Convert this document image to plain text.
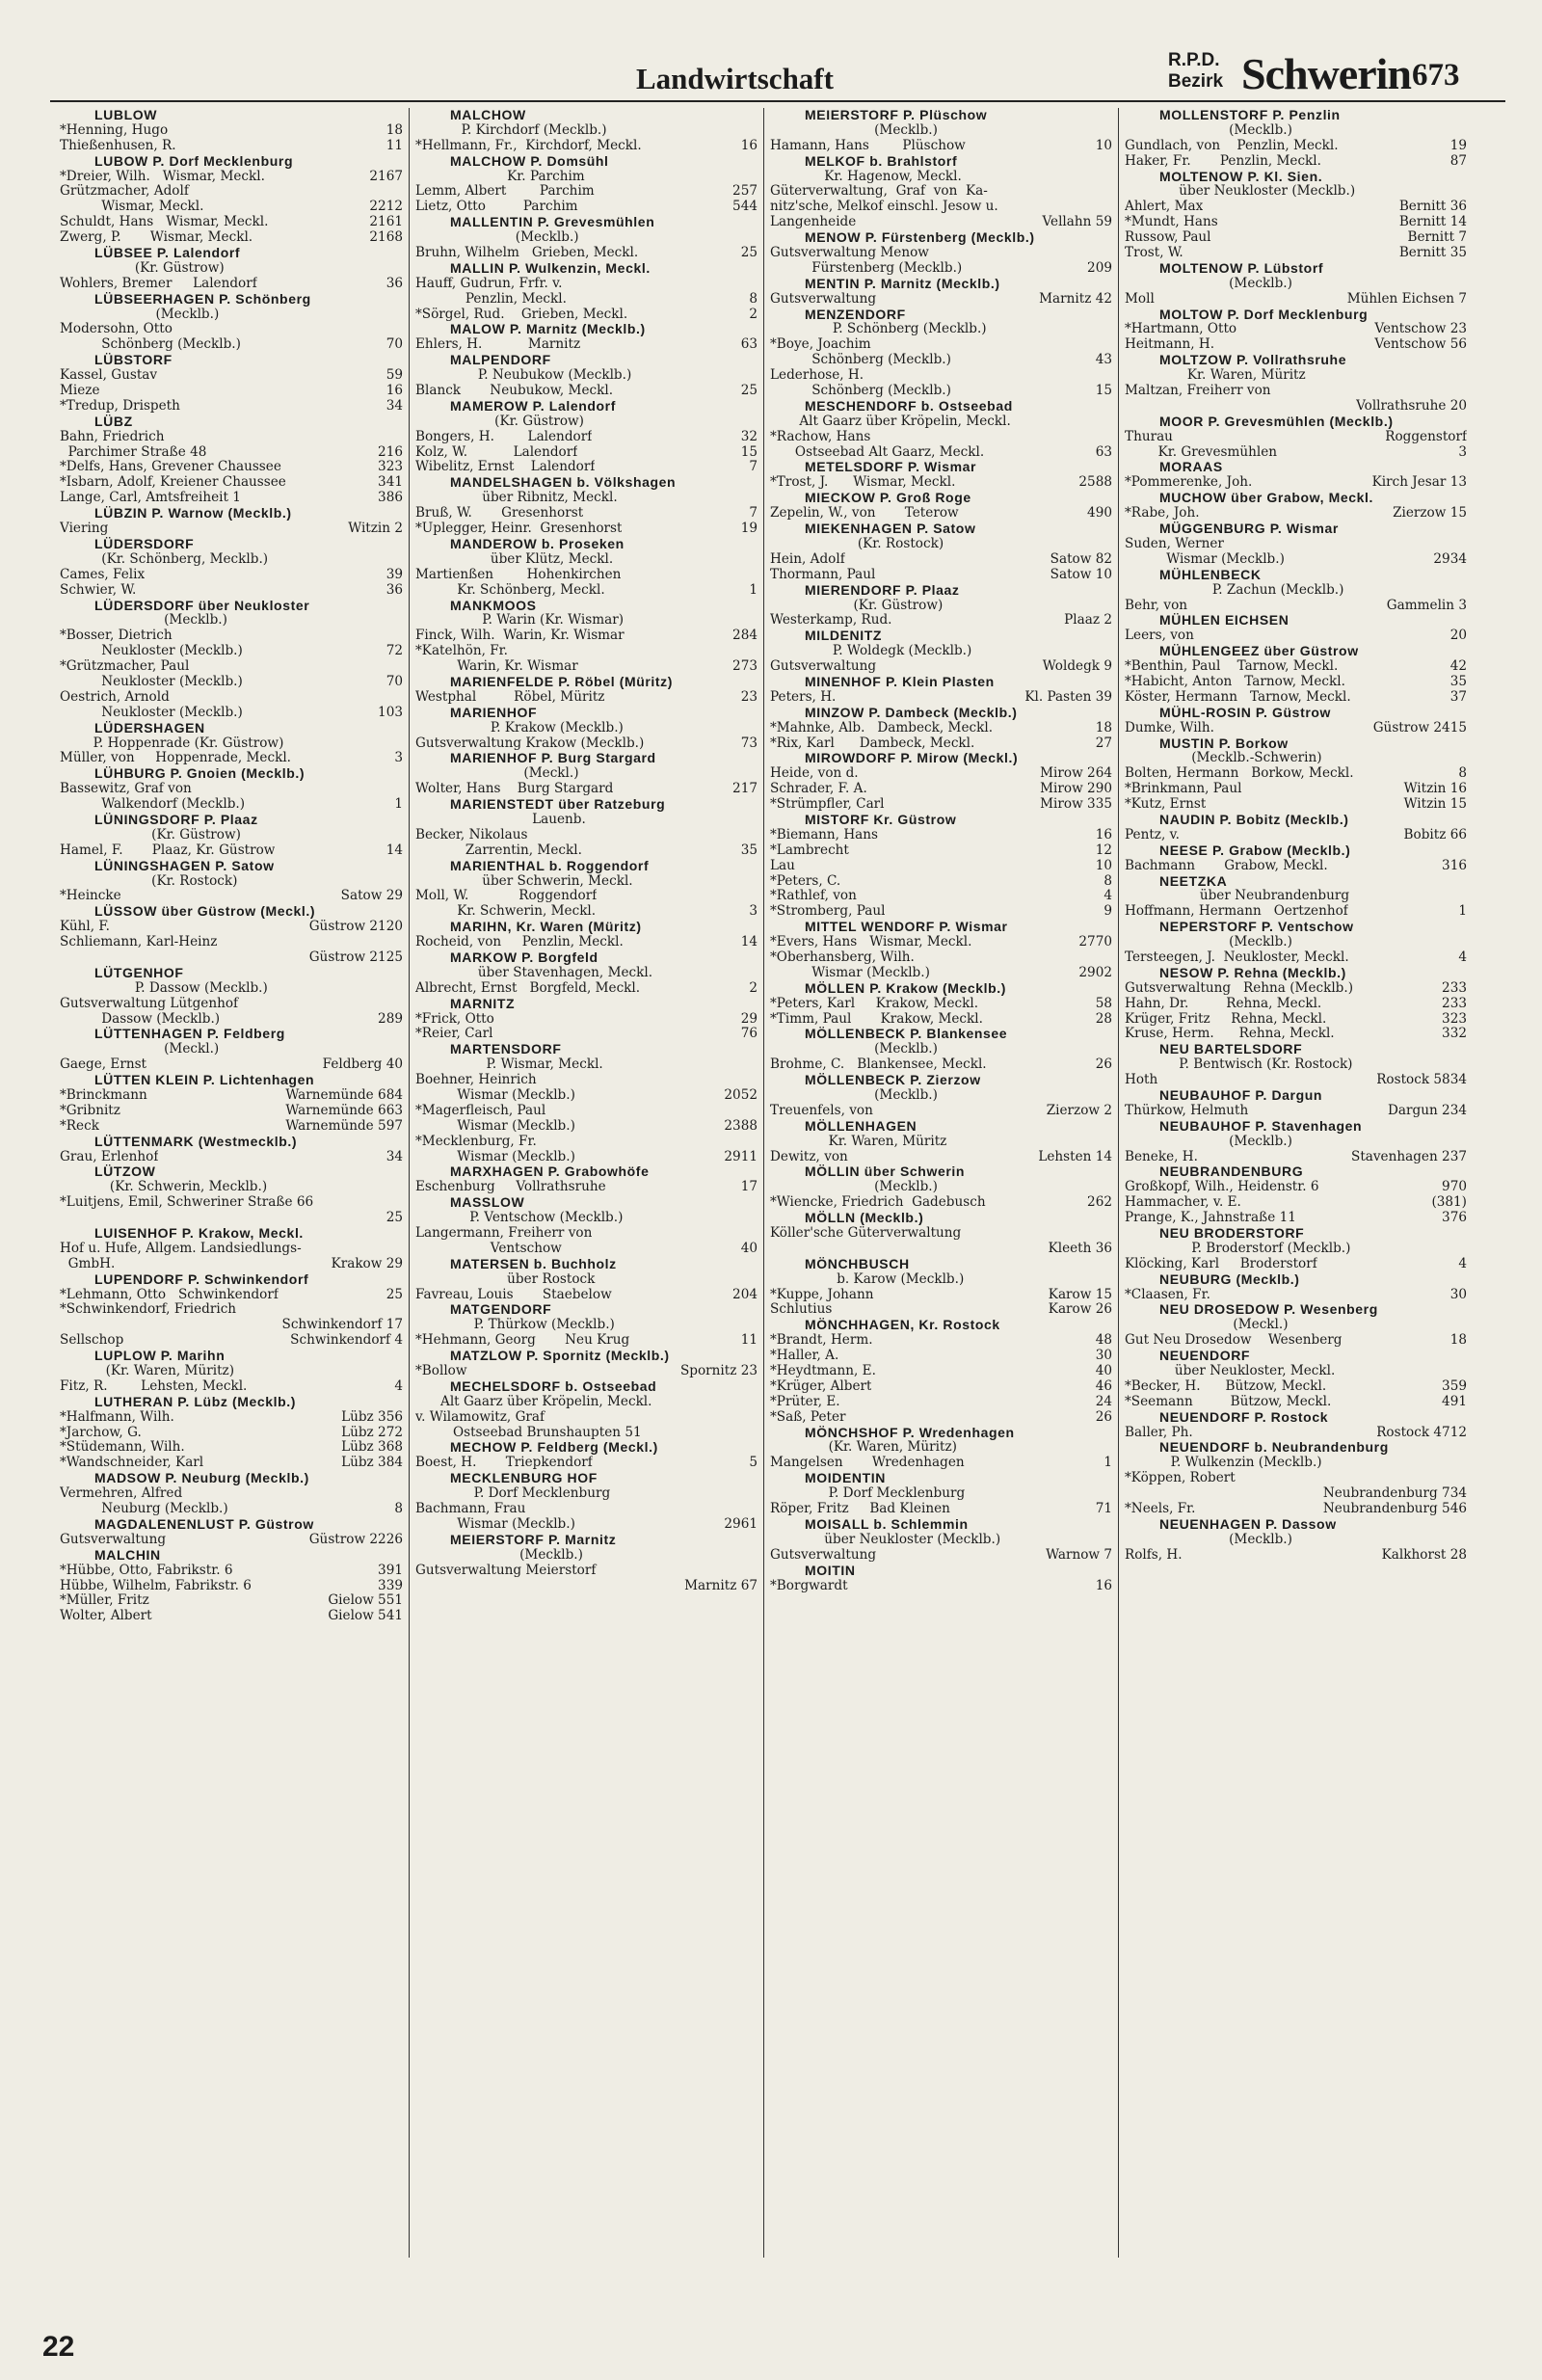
Landwirtschaft
R.P.D.
Bezirk Schwerin 673
LUBLOW
*Henning, Hugo	18
Thießenhusen, R.	11
LUBOW P. Dorf Mecklenburg
*Dreier, Wilh.   Wismar, Meckl.	2167
Grützmacher, Adolf
Wismar, Meckl.	2212
Schuldt, Hans   Wismar, Meckl.	2161
Zwerg, P.       Wismar, Meckl.	2168
LÜBSEE P. Lalendorf
(Kr. Güstrow)
Wohlers, Bremer     Lalendorf	36
LÜBSEERHAGEN P. Schönberg
(Mecklb.)
Modersohn, Otto
Schönberg (Mecklb.)	70
LÜBSTORF
Kassel, Gustav	59
Mieze	16
*Tredup, Drispeth	34
LÜBZ
Bahn, Friedrich
Parchimer Straße 48	216
*Delfs, Hans, Grevener Chaussee	323
*Isbarn, Adolf, Kreiener Chaussee	341
Lange, Carl, Amtsfreiheit 1	386
LÜBZIN P. Warnow (Mecklb.)
Viering	Witzin 2
LÜDERSDORF
(Kr. Schönberg, Mecklb.)
Cames, Felix	39
Schwier, W.	36
LÜDERSDORF über Neukloster
(Mecklb.)
*Bosser, Dietrich
Neukloster (Mecklb.)	72
*Grützmacher, Paul
Neukloster (Mecklb.)	70
Oestrich, Arnold
Neukloster (Mecklb.)	103
LÜDERSHAGEN
P. Hoppenrade (Kr. Güstrow)
Müller, von     Hoppenrade, Meckl.	3
LÜHBURG P. Gnoien (Mecklb.)
Bassewitz, Graf von
Walkendorf (Mecklb.)	1
LÜNINGSDORF P. Plaaz
(Kr. Güstrow)
Hamel, F.       Plaaz, Kr. Güstrow	14
LÜNINGSHAGEN P. Satow
(Kr. Rostock)
*Heincke	Satow 29
LÜSSOW über Güstrow (Meckl.)
Kühl, F.	Güstrow 2120
Schliemann, Karl-Heinz
Güstrow 2125
LÜTGENHOF
P. Dassow (Mecklb.)
Gutsverwaltung Lütgenhof
Dassow (Mecklb.)	289
LÜTTENHAGEN P. Feldberg
(Meckl.)
Gaege, Ernst	Feldberg 40
LÜTTEN KLEIN P. Lichtenhagen
*Brinckmann	Warnemünde 684
*Gribnitz	Warnemünde 663
*Reck	Warnemünde 597
LÜTTENMARK (Westmecklb.)
Grau, Erlenhof	34
LÜTZOW
(Kr. Schwerin, Mecklb.)
*Luitjens, Emil, Schweriner Straße 66
25
LUISENHOF P. Krakow, Meckl.
Hof u. Hufe, Allgem. Landsiedlungs-
GmbH.	Krakow 29
LUPENDORF P. Schwinkendorf
*Lehmann, Otto   Schwinkendorf	25
*Schwinkendorf, Friedrich
Schwinkendorf 17
Sellschop	Schwinkendorf 4
LUPLOW P. Marihn
(Kr. Waren, Müritz)
Fitz, R.        Lehsten, Meckl.	4
LUTHERAN P. Lübz (Mecklb.)
*Halfmann, Wilh.	Lübz 356
*Jarchow, G.	Lübz 272
*Stüdemann, Wilh.	Lübz 368
*Wandschneider, Karl	Lübz 384
MADSOW P. Neuburg (Mecklb.)
Vermehren, Alfred
Neuburg (Mecklb.)	8
MAGDALENENLUST P. Güstrow
Gutsverwaltung	Güstrow 2226
MALCHIN
*Hübbe, Otto, Fabrikstr. 6	391
Hübbe, Wilhelm, Fabrikstr. 6	339
*Müller, Fritz	Gielow 551
Wolter, Albert	Gielow 541
MALCHOW
P. Kirchdorf (Mecklb.)
*Hellmann, Fr.,  Kirchdorf, Meckl.	16
MALCHOW P. Domsühl
Kr. Parchim
Lemm, Albert        Parchim	257
Lietz, Otto         Parchim	544
MALLENTIN P. Grevesmühlen
(Mecklb.)
Bruhn, Wilhelm   Grieben, Meckl.	25
MALLIN P. Wulkenzin, Meckl.
Hauff, Gudrun, Frfr. v.
Penzlin, Meckl.	8
*Sörgel, Rud.    Grieben, Meckl.	2
MALOW P. Marnitz (Mecklb.)
Ehlers, H.           Marnitz	63
MALPENDORF
P. Neubukow (Mecklb.)
Blanck       Neubukow, Meckl.	25
MAMEROW P. Lalendorf
(Kr. Güstrow)
Bongers, H.        Lalendorf	32
Kolz, W.           Lalendorf	15
Wibelitz, Ernst    Lalendorf	7
MANDELSHAGEN b. Völkshagen
über Ribnitz, Meckl.
Bruß, W.       Gresenhorst	7
*Uplegger, Heinr.  Gresenhorst	19
MANDEROW b. Proseken
über Klütz, Meckl.
Martienßen        Hohenkirchen
Kr. Schönberg, Meckl.	1
MANKMOOS
P. Warin (Kr. Wismar)
Finck, Wilh.  Warin, Kr. Wismar	284
*Katelhön, Fr.
Warin, Kr. Wismar	273
MARIENFELDE P. Röbel (Müritz)
Westphal         Röbel, Müritz	23
MARIENHOF
P. Krakow (Mecklb.)
Gutsverwaltung Krakow (Mecklb.)	73
MARIENHOF P. Burg Stargard
(Meckl.)
Wolter, Hans    Burg Stargard	217
MARIENSTEDT über Ratzeburg
Lauenb.
Becker, Nikolaus
Zarrentin, Meckl.	35
MARIENTHAL b. Roggendorf
über Schwerin, Meckl.
Moll, W.            Roggendorf
Kr. Schwerin, Meckl.	3
MARIHN, Kr. Waren (Müritz)
Rocheid, von     Penzlin, Meckl.	14
MARKOW P. Borgfeld
über Stavenhagen, Meckl.
Albrecht, Ernst   Borgfeld, Meckl.	2
MARNITZ
*Frick, Otto	29
*Reier, Carl	76
MARTENSDORF
P. Wismar, Meckl.
Boehner, Heinrich
Wismar (Mecklb.)	2052
*Magerfleisch, Paul
Wismar (Mecklb.)	2388
*Mecklenburg, Fr.
Wismar (Mecklb.)	2911
MARXHAGEN P. Grabowhöfe
Eschenburg     Vollrathsruhe	17
MASSLOW
P. Ventschow (Mecklb.)
Langermann, Freiherr von
Ventschow	40
MATERSEN b. Buchholz
über Rostock
Favreau, Louis       Staebelow	204
MATGENDORF
P. Thürkow (Mecklb.)
*Hehmann, Georg       Neu Krug	11
MATZLOW P. Spornitz (Mecklb.)
*Bollow	Spornitz 23
MECHELSDORF b. Ostseebad
Alt Gaarz über Kröpelin, Meckl.
v. Wilamowitz, Graf
Ostseebad Brunshaupten 51
MECHOW P. Feldberg (Meckl.)
Boest, H.       Triepkendorf	5
MECKLENBURG HOF
P. Dorf Mecklenburg
Bachmann, Frau
Wismar (Mecklb.)	2961
MEIERSTORF P. Marnitz
(Mecklb.)
Gutsverwaltung Meierstorf
Marnitz 67
MEIERSTORF P. Plüschow
(Mecklb.)
Hamann, Hans        Plüschow	10
MELKOF b. Brahlstorf
Kr. Hagenow, Meckl.
Güterverwaltung,  Graf  von  Ka-
nitz'sche, Melkof einschl. Jesow u.
Langenheide	Vellahn 59
MENOW P. Fürstenberg (Mecklb.)
Gutsverwaltung Menow
Fürstenberg (Mecklb.)	209
MENTIN P. Marnitz (Mecklb.)
Gutsverwaltung	Marnitz 42
MENZENDORF
P. Schönberg (Mecklb.)
*Boye, Joachim
Schönberg (Mecklb.)	43
Lederhose, H.
Schönberg (Mecklb.)	15
MESCHENDORF b. Ostseebad
Alt Gaarz über Kröpelin, Meckl.
*Rachow, Hans
Ostseebad Alt Gaarz, Meckl.	63
METELSDORF P. Wismar
*Trost, J.      Wismar, Meckl.	2588
MIECKOW P. Groß Roge
Zepelin, W., von       Teterow	490
MIEKENHAGEN P. Satow
(Kr. Rostock)
Hein, Adolf	Satow 82
Thormann, Paul	Satow 10
MIERENDORF P. Plaaz
(Kr. Güstrow)
Westerkamp, Rud.	Plaaz 2
MILDENITZ
P. Woldegk (Mecklb.)
Gutsverwaltung	Woldegk 9
MINENHOF P. Klein Plasten
Peters, H.	Kl. Pasten 39
MINZOW P. Dambeck (Mecklb.)
*Mahnke, Alb.   Dambeck, Meckl.	18
*Rix, Karl      Dambeck, Meckl.	27
MIROWDORF P. Mirow (Meckl.)
Heide, von d.	Mirow 264
Schrader, F. A.	Mirow 290
*Strümpfler, Carl	Mirow 335
MISTORF Kr. Güstrow
*Biemann, Hans	16
*Lambrecht	12
Lau	10
*Peters, C.	8
*Rathlef, von	4
*Stromberg, Paul	9
MITTEL WENDORF P. Wismar
*Evers, Hans   Wismar, Meckl.	2770
*Oberhansberg, Wilh.
Wismar (Mecklb.)	2902
MÖLLEN P. Krakow (Mecklb.)
*Peters, Karl     Krakow, Meckl.	58
*Timm, Paul       Krakow, Meckl.	28
MÖLLENBECK P. Blankensee
(Mecklb.)
Brohme, C.   Blankensee, Meckl.	26
MÖLLENBECK P. Zierzow
(Mecklb.)
Treuenfels, von	Zierzow 2
MÖLLENHAGEN
Kr. Waren, Müritz
Dewitz, von	Lehsten 14
MÖLLIN über Schwerin
(Mecklb.)
*Wiencke, Friedrich  Gadebusch	262
MÖLLN (Mecklb.)
Köller'sche Güterverwaltung
Kleeth 36
MÖNCHBUSCH
b. Karow (Mecklb.)
*Kuppe, Johann	Karow 15
Schlutius	Karow 26
MÖNCHHAGEN, Kr. Rostock
*Brandt, Herm.	48
*Haller, A.	30
*Heydtmann, E.	40
*Krüger, Albert	46
*Prüter, E.	24
*Saß, Peter	26
MÖNCHSHOF P. Wredenhagen
(Kr. Waren, Müritz)
Mangelsen       Wredenhagen	1
MOIDENTIN
P. Dorf Mecklenburg
Röper, Fritz     Bad Kleinen	71
MOISALL b. Schlemmin
über Neukloster (Mecklb.)
Gutsverwaltung	Warnow 7
MOITIN
*Borgwardt	16
MOLLENSTORF P. Penzlin
(Mecklb.)
Gundlach, von    Penzlin, Meckl.	19
Haker, Fr.       Penzlin, Meckl.	87
MOLTENOW P. Kl. Sien.
über Neukloster (Mecklb.)
Ahlert, Max	Bernitt 36
*Mundt, Hans	Bernitt 14
Russow, Paul	Bernitt 7
Trost, W.	Bernitt 35
MOLTENOW P. Lübstorf
(Mecklb.)
Moll	Mühlen Eichsen 7
MOLTOW P. Dorf Mecklenburg
*Hartmann, Otto	Ventschow 23
Heitmann, H.	Ventschow 56
MOLTZOW P. Vollrathsruhe
Kr. Waren, Müritz
Maltzan, Freiherr von
Vollrathsruhe 20
MOOR P. Grevesmühlen (Mecklb.)
Thurau	Roggenstorf
Kr. Grevesmühlen	3
MORAAS
*Pommerenke, Joh.	Kirch Jesar 13
MUCHOW über Grabow, Meckl.
*Rabe, Joh.	Zierzow 15
MÜGGENBURG P. Wismar
Suden, Werner
Wismar (Mecklb.)	2934
MÜHLENBECK
P. Zachun (Mecklb.)
Behr, von	Gammelin 3
MÜHLEN EICHSEN
Leers, von	20
MÜHLENGEEZ über Güstrow
*Benthin, Paul    Tarnow, Meckl.	42
*Habicht, Anton   Tarnow, Meckl.	35
Köster, Hermann   Tarnow, Meckl.	37
MÜHL-ROSIN P. Güstrow
Dumke, Wilh.	Güstrow 2415
MUSTIN P. Borkow
(Mecklb.-Schwerin)
Bolten, Hermann   Borkow, Meckl.	8
*Brinkmann, Paul	Witzin 16
*Kutz, Ernst	Witzin 15
NAUDIN P. Bobitz (Mecklb.)
Pentz, v.	Bobitz 66
NEESE P. Grabow (Mecklb.)
Bachmann       Grabow, Meckl.	316
NEETZKA
über Neubrandenburg
Hoffmann, Hermann   Oertzenhof	1
NEPERSTORF P. Ventschow
(Mecklb.)
Tersteegen, J.  Neukloster, Meckl.	4
NESOW P. Rehna (Mecklb.)
Gutsverwaltung   Rehna (Mecklb.)	233
Hahn, Dr.         Rehna, Meckl.	233
Krüger, Fritz     Rehna, Meckl.	323
Kruse, Herm.      Rehna, Meckl.	332
NEU BARTELSDORF
P. Bentwisch (Kr. Rostock)
Hoth	Rostock 5834
NEUBAUHOF P. Dargun
Thürkow, Helmuth	Dargun 234
NEUBAUHOF P. Stavenhagen
(Mecklb.)
Beneke, H.	Stavenhagen 237
NEUBRANDENBURG
Großkopf, Wilh., Heidenstr. 6	970
Hammacher, v. E.	(381)
Prange, K., Jahnstraße 11	376
NEU BRODERSTORF
P. Broderstorf (Mecklb.)
Klöcking, Karl     Broderstorf	4
NEUBURG (Mecklb.)
*Claasen, Fr.	30
NEU DROSEDOW P. Wesenberg
(Meckl.)
Gut Neu Drosedow    Wesenberg	18
NEUENDORF
über Neukloster, Meckl.
*Becker, H.      Bützow, Meckl.	359
*Seemann         Bützow, Meckl.	491
NEUENDORF P. Rostock
Baller, Ph.	Rostock 4712
NEUENDORF b. Neubrandenburg
P. Wulkenzin (Mecklb.)
*Köppen, Robert
Neubrandenburg 734
*Neels, Fr.	Neubrandenburg 546
NEUENHAGEN P. Dassow
(Mecklb.)
Rolfs, H.	Kalkhorst 28
22
